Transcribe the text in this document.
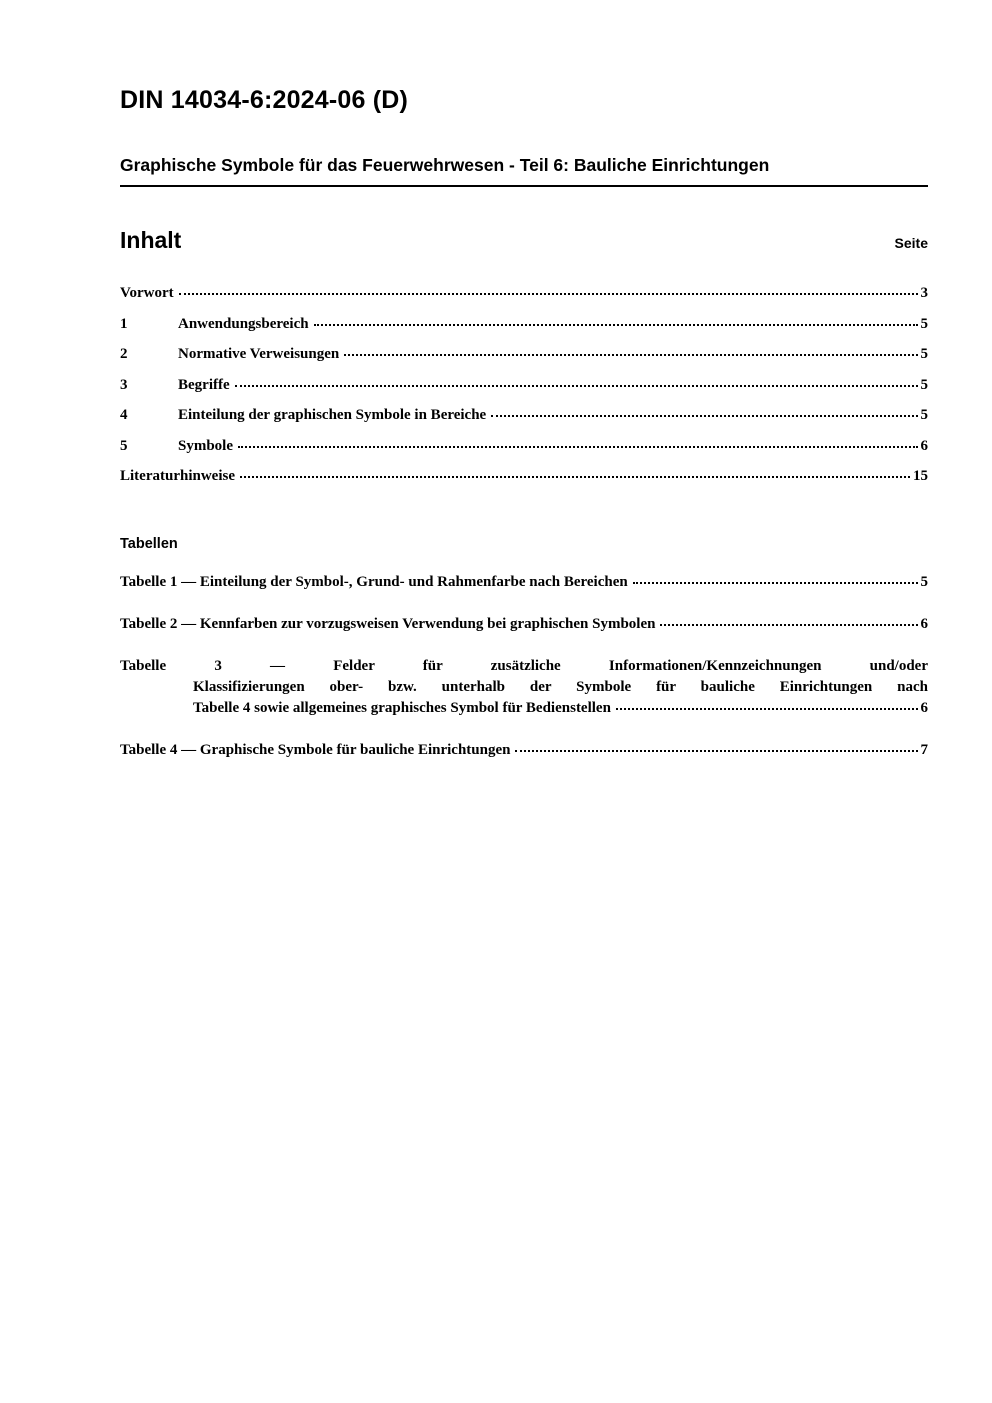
DIN 14034-6:2024-06 (D)
Graphische Symbole für das Feuerwehrwesen - Teil 6: Bauliche Einrichtungen
Inhalt	Seite
Vorwort	3
1	Anwendungsbereich	5
2	Normative Verweisungen	5
3	Begriffe	5
4	Einteilung der graphischen Symbole in Bereiche	5
5	Symbole	6
Literaturhinweise	15
Tabellen
Tabelle 1 — Einteilung der Symbol-, Grund- und Rahmenfarbe nach Bereichen	5
Tabelle 2 — Kennfarben zur vorzugsweisen Verwendung bei graphischen Symbolen	6
Tabelle 3 — Felder für zusätzliche Informationen/Kennzeichnungen und/oder
Klassifizierungen ober- bzw. unterhalb der Symbole für bauliche Einrichtungen nach
Tabelle 4 sowie allgemeines graphisches Symbol für Bedienstellen	6
Tabelle 4 — Graphische Symbole für bauliche Einrichtungen	7
